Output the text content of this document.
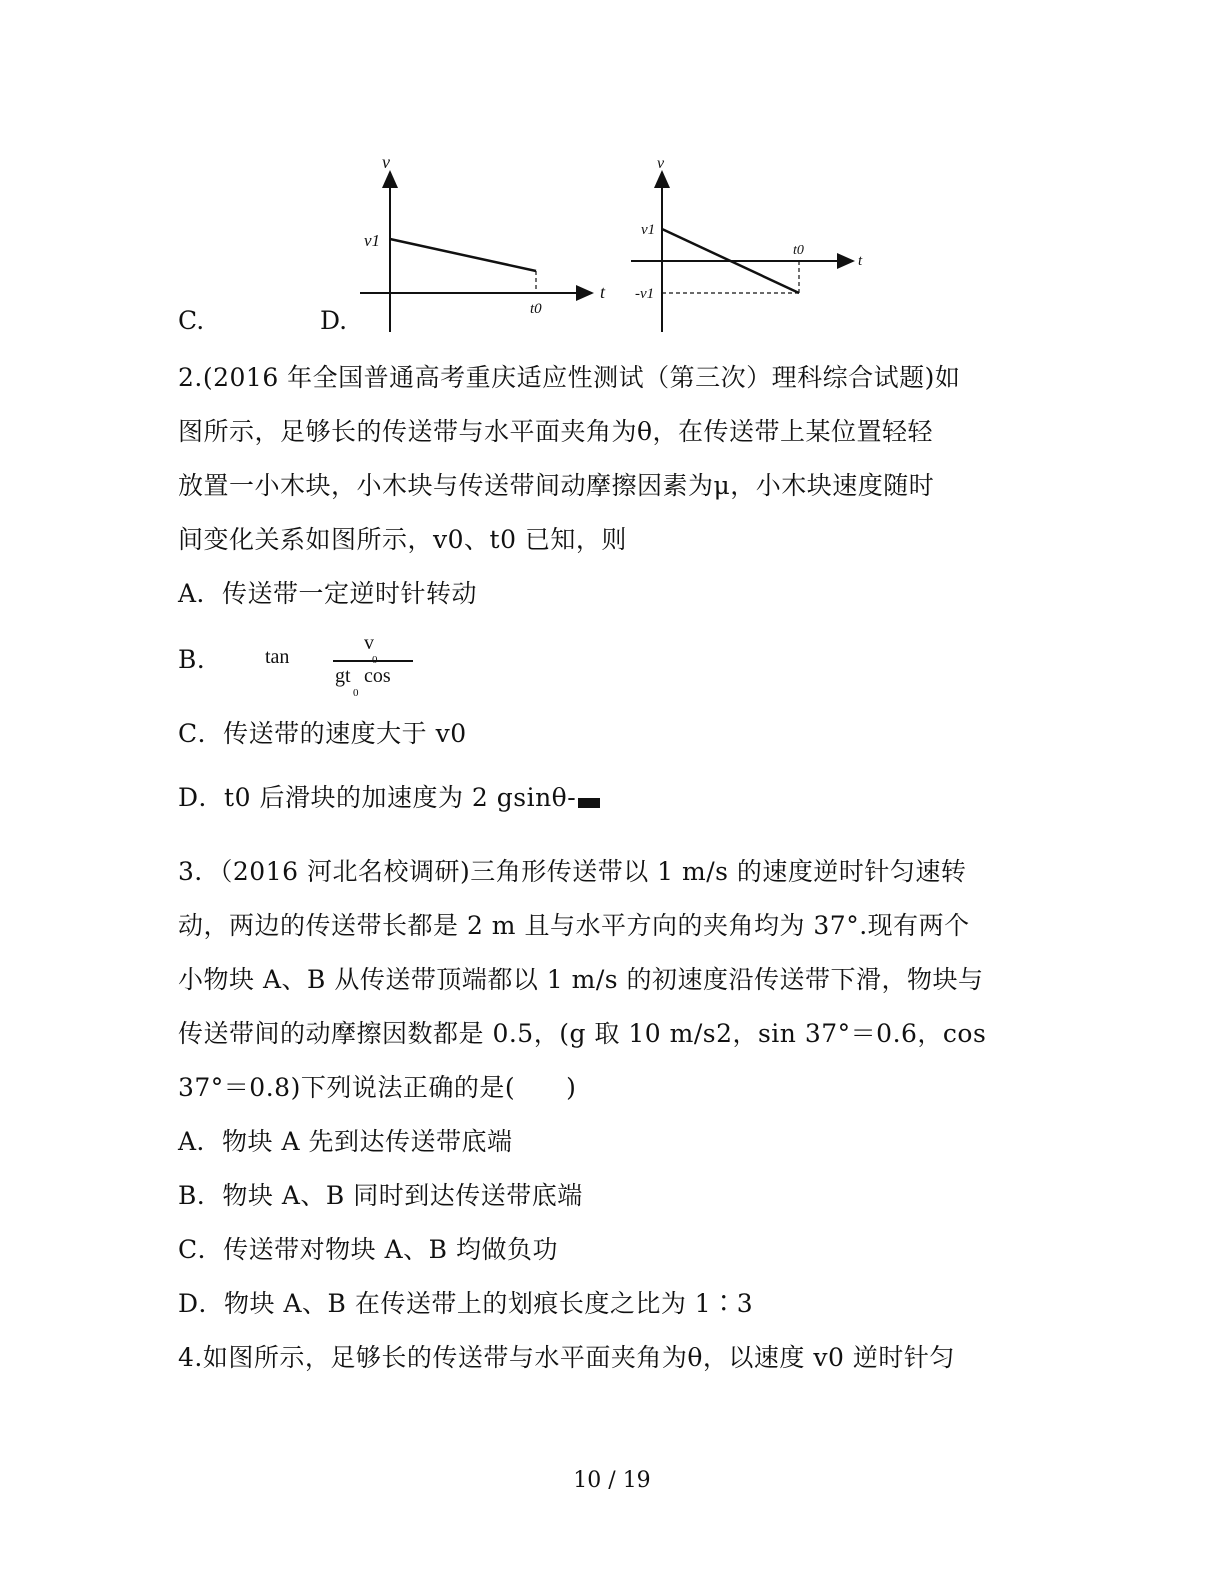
C.	D.
v
t
v1
t0
v
t
v1
t0
-v1
2.(2016 年全国普通高考重庆适应性测试（第三次）理科综合试题)如
图所示，足够长的传送带与水平面夹角为θ，在传送带上某位置轻轻
放置一小木块，小木块与传送带间动摩擦因素为μ，小木块速度随时
间变化关系如图所示，v0、t0 已知，则
A．传送带一定逆时针转动
B． tan
v
gt
0
cos
C．传送带的速度大于 v0
D．t0 后滑块的加速度为 2 gsinθ-
3．（2016 河北名校调研)三角形传送带以 1 m/s 的速度逆时针匀速转
动，两边的传送带长都是 2 m 且与水平方向的夹角均为 37°.现有两个
小物块 A、B 从传送带顶端都以 1 m/s 的初速度沿传送带下滑，物块与
传送带间的动摩擦因数都是 0.5，(g 取 10 m/s2，sin 37°＝0.6，cos
37°＝0.8)下列说法正确的是(　　)
A．物块 A 先到达传送带底端
B．物块 A、B 同时到达传送带底端
C．传送带对物块 A、B 均做负功
D．物块 A、B 在传送带上的划痕长度之比为 1∶3
4.如图所示，足够长的传送带与水平面夹角为θ，以速度 v0 逆时针匀
10 / 19
